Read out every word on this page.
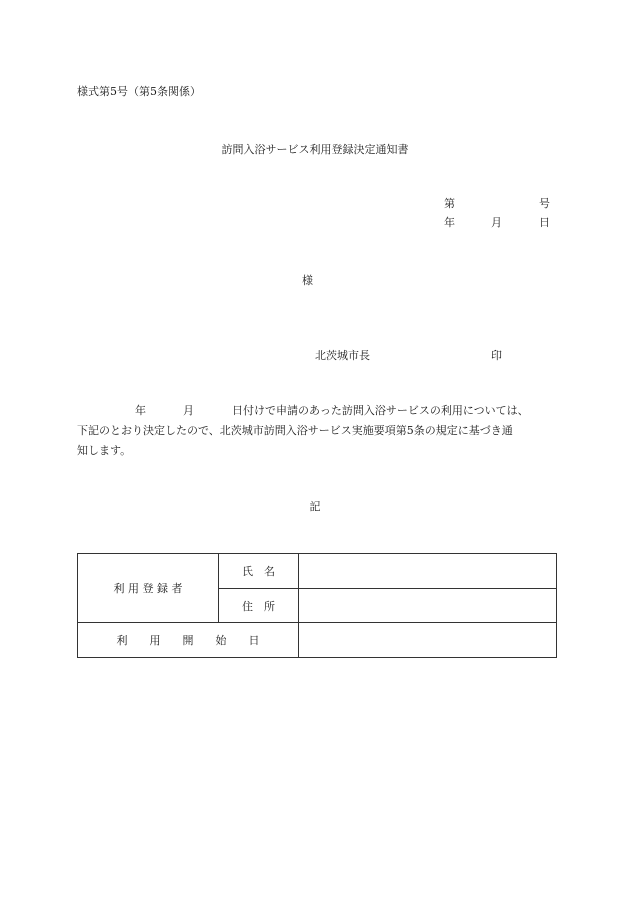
様式第5号（第5条関係）
訪問入浴サービス利用登録決定通知書
第	号
年	月	日
様
北茨城市長	印
年	月	日付けで申請のあった訪問入浴サービスの利用については、
下記のとおり決定したので、北茨城市訪問入浴サービス実施要項第5条の規定に基づき通
知します。
記
利 用 登 録 者	氏　名	
	住　所	
利　　用　　開　　始　　日		
